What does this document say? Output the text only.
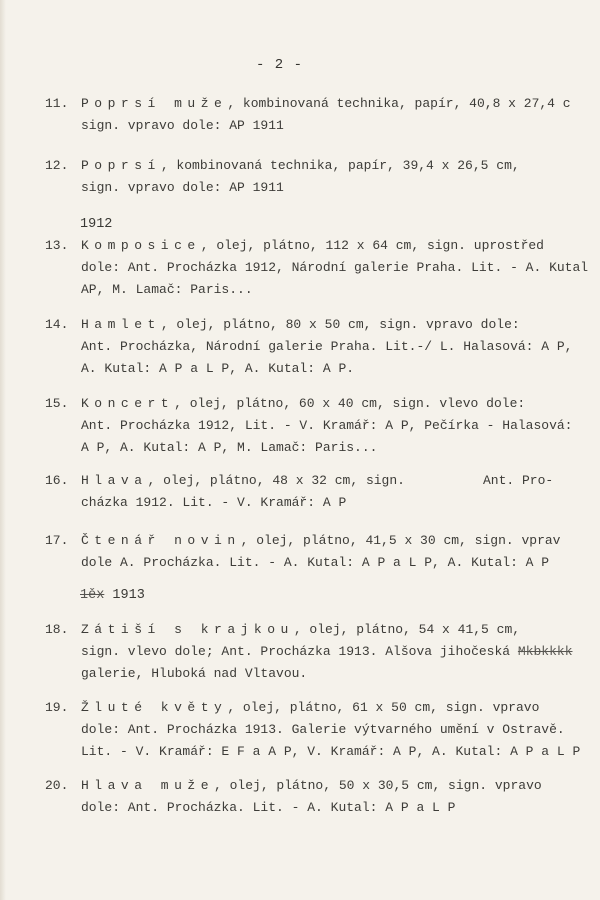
- 2 -
1912
1ěx 1913
11. Poprsí muže, kombinovaná technika, papír, 40,8 x 27,4 c
sign. vpravo dole: AP 1911
12. Poprsí, kombinovaná technika, papír, 39,4 x 26,5 cm,
sign. vpravo dole: AP 1911
13. Komposice, olej, plátno, 112 x 64 cm, sign. uprostřed
dole: Ant. Procházka 1912, Národní galerie Praha. Lit. - A. Kutal
AP, M. Lamač: Paris...
14. Hamlet, olej, plátno, 80 x 50 cm, sign. vpravo dole:
Ant. Procházka, Národní galerie Praha. Lit.-/ L. Halasová: A P,
A. Kutal: A P a L P, A. Kutal: A P.
15. Koncert, olej, plátno, 60 x 40 cm, sign. vlevo dole:
Ant. Procházka 1912, Lit. - V. Kramář: A P, Pečírka - Halasová:
A P, A. Kutal: A P, M. Lamač: Paris...
16. Hlava, olej, plátno, 48 x 32 cm, sign.          Ant. Pro-
cházka 1912. Lit. - V. Kramář: A P
17. Čtenář novin, olej, plátno, 41,5 x 30 cm, sign. vprav
dole A. Procházka. Lit. - A. Kutal: A P a L P, A. Kutal: A P
18. Zátiší s krajkou, olej, plátno, 54 x 41,5 cm,
sign. vlevo dole; Ant. Procházka 1913. Alšova jihočeská Mkbkkkk
galerie, Hluboká nad Vltavou.
19. Žluté květy, olej, plátno, 61 x 50 cm, sign. vpravo
dole: Ant. Procházka 1913. Galerie výtvarného umění v Ostravě.
Lit. - V. Kramář: E F a A P, V. Kramář: A P, A. Kutal: A P a L P
20. Hlava muže, olej, plátno, 50 x 30,5 cm, sign. vpravo
dole: Ant. Procházka. Lit. - A. Kutal: A P a L P
